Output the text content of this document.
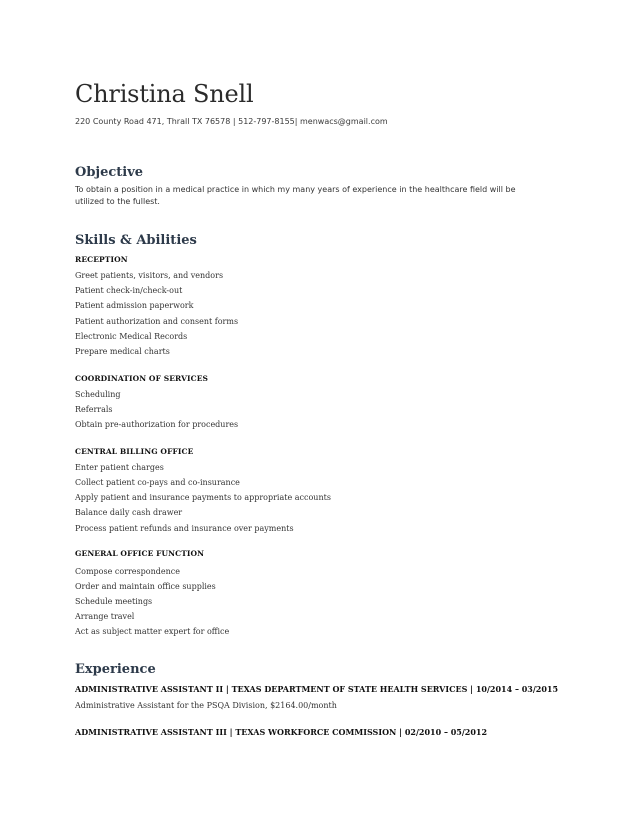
Christina Snell
220 County Road 471, Thrall TX 76578 | 512-797-8155| menwacs@gmail.com
Objective
To obtain a position in a medical practice in which my many years of experience in the healthcare field will be utilized to the fullest.
Skills & Abilities
RECEPTION
Greet patients, visitors, and vendors
Patient check-in/check-out
Patient admission paperwork
Patient authorization and consent forms
Electronic Medical Records
Prepare medical charts
COORDINATION OF SERVICES
Scheduling
Referrals
Obtain pre-authorization for procedures
CENTRAL BILLING OFFICE
Enter patient charges
Collect patient co-pays and co-insurance
Apply patient and insurance payments to appropriate accounts
Balance daily cash drawer
Process patient refunds and insurance over payments
GENERAL OFFICE FUNCTION
Compose correspondence
Order and maintain office supplies
Schedule meetings
Arrange travel
Act as subject matter expert for office
Experience
ADMINISTRATIVE ASSISTANT II | TEXAS DEPARTMENT OF STATE HEALTH SERVICES | 10/2014 – 03/2015
Administrative Assistant for the PSQA Division, $2164.00/month
ADMINISTRATIVE ASSISTANT III | TEXAS WORKFORCE COMMISSION | 02/2010 – 05/2012
